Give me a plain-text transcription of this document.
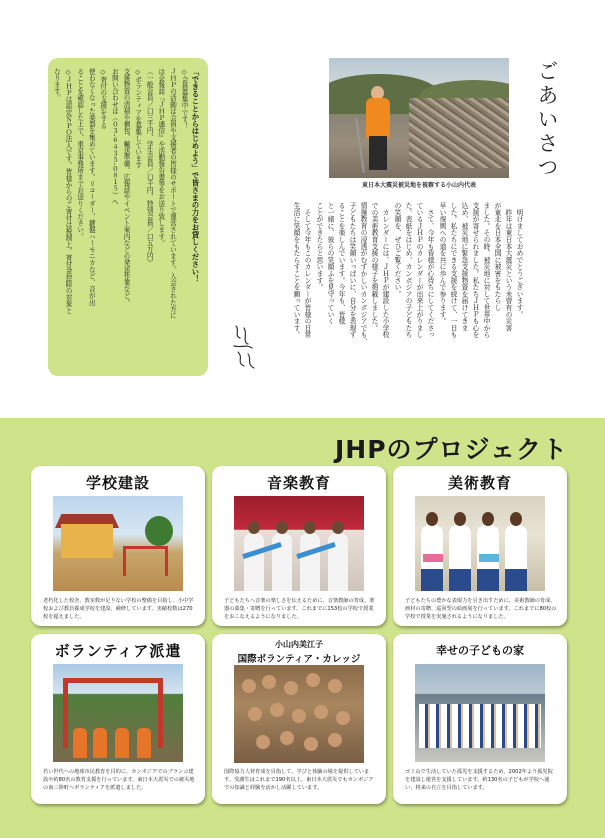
「できることからはじめよう」で皆さまの力をお貸しください！
◇会員募集中です！
ＪＨＰの活動は会員や支援者の皆様のサポートで運営されています。入会された方に
は会報誌『ＪＨＰ通信』や活動報告書等をお送り致します。
（一般会員／口三千円、学生会員／口千円、特別会員／口五万円）
◇ボランティアを募集しています
支援物資の清掃や梱包、輸送準備、広報誌やイベント案内などの発送作業など。
お問い合わせは（０３‐６４３５‐０８１５）へ
◇寄付の支援をする
使わなくなった楽器を集めています。リコーダー、鍵盤ハーモニカなど、音が出
ることを確認した上で、東京事務所までお送りください。
◇ＪＨＰは認定ＮＰＯ法人です。皆様からのご寄付は税制上、寄付金控除の対象と
なります。
東日本大震災被災地を視察する小山内代表
ごあいさつ
　明けましておめでとうございます。
　昨年は東日本大震災という未曾有の災害
が東北を日本全国に被害をもたらし
ました。その時、被災地に対して世界中から
支援が寄せられました。私たちＪＨＰも心を
込め、被災地に緊急支援物資を届けてきま
した。私たちにできる支援を続けて、一日も
早い復興への道を共に歩んで参ります。
　さて、今年も皆様が心待ちにしてくださっ
ているＪＨＰのカレンダーが出来上がりまし
た。表紙をはじめ、カンボジアの子どもたち
の笑顔を、ぜひご覧ください。
　カレンダーには、ＪＨＰが建設した小学校
での美術教育支援の様子を掲載しました。
情操教育の浸透がむずかしいカンボジアでも、
子どもたちは笑顔いっぱいに、自分を表現す
ることを楽しんでいます。今年も、皆様
と一緒に、彼らの笑顔ふを見守っていく
ことができたらと思います。
　そして今年もこのカレンダーが皆様の日常
生活に笑顔をもたらすことを願っています。
JHPのプロジェクト
学校建設
老朽化した校舎、教室数が足りない学校の整備を目指し、小中学校および教員養成学校を建設、補修しています。実績校数は270校を超えました。
音楽教育
子どもたちへ音楽の楽しさを伝えるために、音楽教師の育成、楽器の募集・寄贈を行っています。これまでに153校の学校で授業をおこなえるようになりました。
美術教育
子どもたちの豊かな表現力を引き出すために、美術教師の育成、画材の寄贈、巡回型の絵画展を行っています。これまでに80校の学校で授業を実施されるようになりました。
ボランティア派遣
若い世代への地球市民教育を目的に、カンボジアでのブランコ建設や約80名の教育支援を行っています。東日本大震災での被災地の南三陸町へボランティアを派遣しました。
小山内美江子
国際ボランティア・カレッジ
国際協力人材育成を目指して、学びと体験の場を提供しています。受講生はこれまで190名以上。東日本大震災でもカンボジアでの知識と経験を活かし活躍しています。
幸せの子どもの家
ゴミ山で生活していた孤児を支援するため、2002年より孤児院を建設し運営を支援しています。約130名の子どもが学校へ通い、将来の自立を目指しています。
